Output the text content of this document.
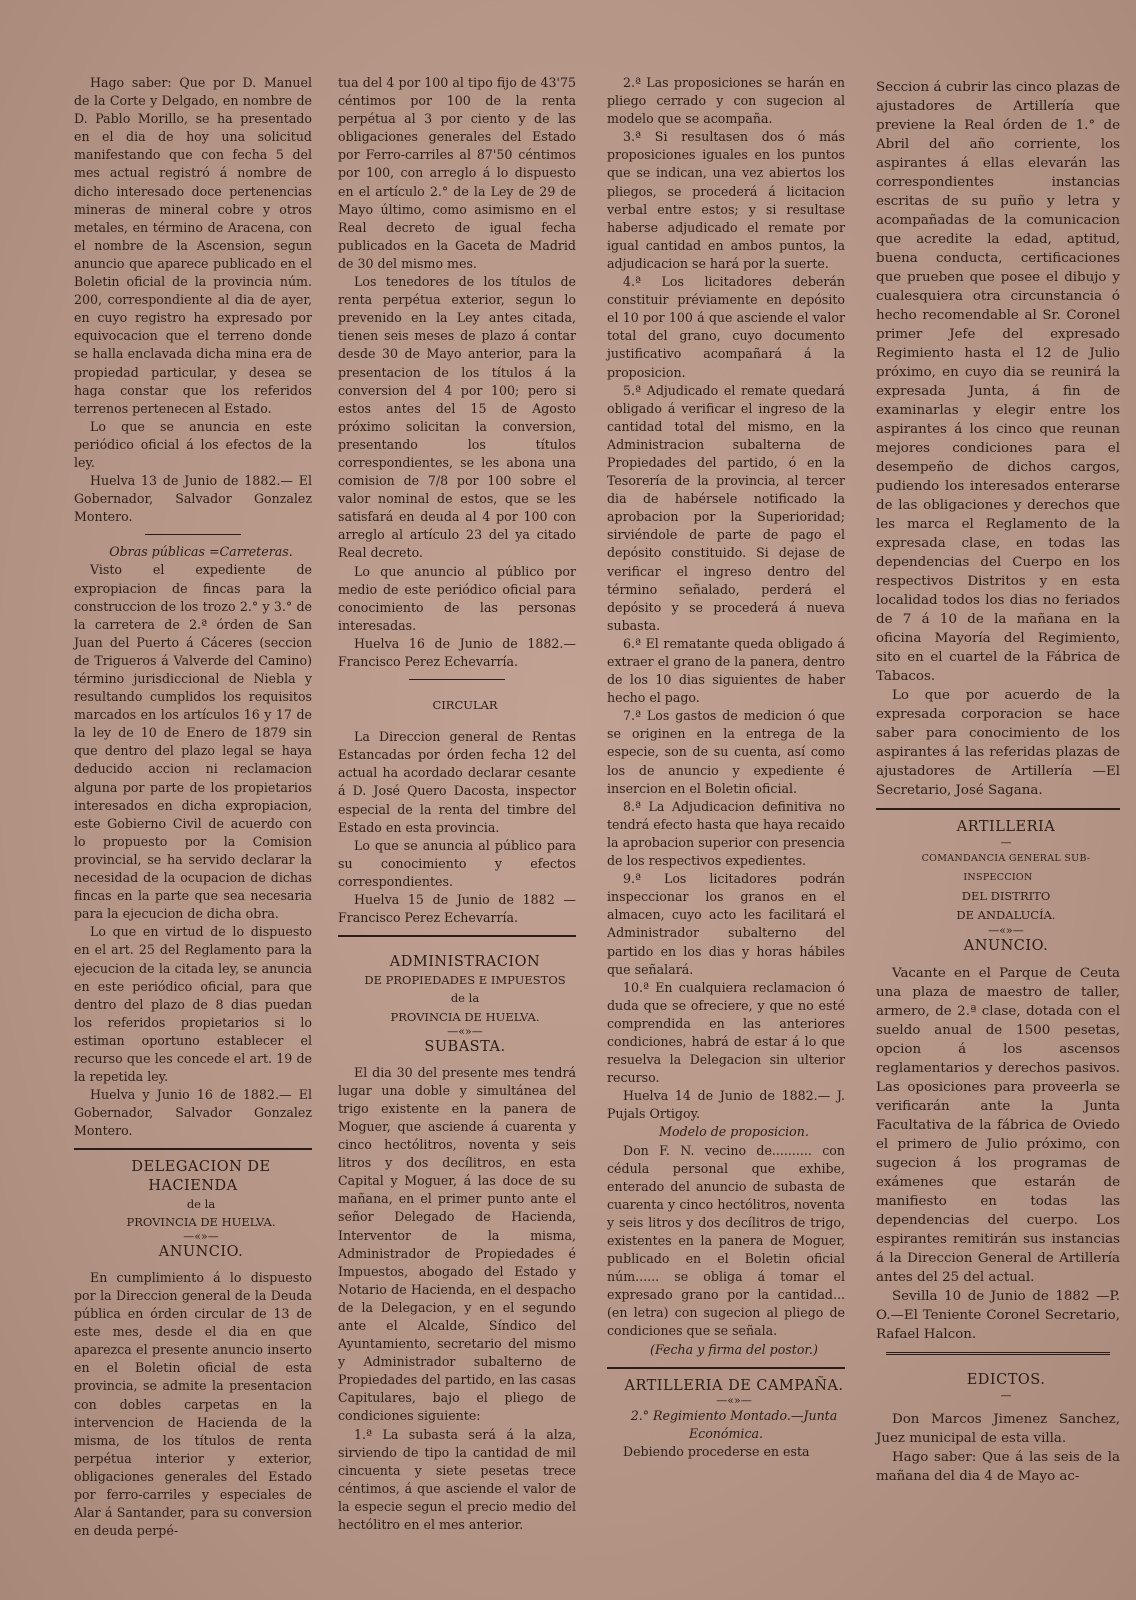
Hago saber: Que por D. Manuel de la Corte y Delgado, en nombre de D. Pablo Morillo, se ha presentado en el dia de hoy una solicitud manifestando que con fecha 5 del mes actual registró á nombre de dicho interesado doce pertenencias mineras de mineral cobre y otros metales, en término de Aracena, con el nombre de la Ascension, segun anuncio que aparece publicado en el Boletin oficial de la provincia núm. 200, correspondiente al dia de ayer, en cuyo registro ha expresado por equivocacion que el terreno donde se halla enclavada dicha mina era de propiedad particular, y desea se haga constar que los referidos terrenos pertenecen al Estado.

Lo que se anuncia en este periódico oficial á los efectos de la ley.

Huelva 13 de Junio de 1882.— El Gobernador, Salvador Gonzalez Montero.

Obras públicas =Carreteras.

Visto el expediente de expropiacion de fincas para la construccion de los trozo 2.° y 3.° de la carretera de 2.ª órden de San Juan del Puerto á Cáceres (seccion de Trigueros á Valverde del Camino) término jurisdiccional de Niebla y resultando cumplidos los requisitos marcados en los artículos 16 y 17 de la ley de 10 de Enero de 1879 sin que dentro del plazo legal se haya deducido accion ni reclamacion alguna por parte de los propietarios interesados en dicha expropiacion, este Gobierno Civil de acuerdo con lo propuesto por la Comision provincial, se ha servido declarar la necesidad de la ocupacion de dichas fincas en la parte que sea necesaria para la ejecucion de dicha obra.

Lo que en virtud de lo dispuesto en el art. 25 del Reglamento para la ejecucion de la citada ley, se anuncia en este periódico oficial, para que dentro del plazo de 8 dias puedan los referidos propietarios si lo estiman oportuno establecer el recurso que les concede el art. 19 de la repetida ley.

Huelva y Junio 16 de 1882.— El Gobernador, Salvador Gonzalez Montero.

DELEGACION DE HACIENDA

de la

PROVINCIA DE HUELVA.

—«»—

ANUNCIO.

En cumplimiento á lo dispuesto por la Direccion general de la Deuda pública en órden circular de 13 de este mes, desde el dia en que aparezca el presente anuncio inserto en el Boletin oficial de esta provincia, se admite la presentacion con dobles carpetas en la intervencion de Hacienda de la misma, de los títulos de renta perpétua interior y exterior, obligaciones generales del Estado por ferro-carriles y especiales de Alar á Santander, para su conversion en deuda perpé-

tua del 4 por 100 al tipo fijo de 43'75 céntimos por 100 de la renta perpétua al 3 por ciento y de las obligaciones generales del Estado por Ferro-carriles al 87'50 céntimos por 100, con arreglo á lo dispuesto en el artículo 2.° de la Ley de 29 de Mayo último, como asimismo en el Real decreto de igual fecha publicados en la Gaceta de Madrid de 30 del mismo mes.

Los tenedores de los títulos de renta perpétua exterior, segun lo prevenido en la Ley antes citada, tienen seis meses de plazo á contar desde 30 de Mayo anterior, para la presentacion de los títulos á la conversion del 4 por 100; pero si estos antes del 15 de Agosto próximo solicitan la conversion, presentando los títulos correspondientes, se les abona una comision de 7/8 por 100 sobre el valor nominal de estos, que se les satisfará en deuda al 4 por 100 con arreglo al artículo 23 del ya citado Real decreto.

Lo que anuncio al público por medio de este periódico oficial para conocimiento de las personas interesadas.

Huelva 16 de Junio de 1882.— Francisco Perez Echevarría.

CIRCULAR

La Direccion general de Rentas Estancadas por órden fecha 12 del actual ha acordado declarar cesante á D. José Quero Dacosta, inspector especial de la renta del timbre del Estado en esta provincia.

Lo que se anuncia al público para su conocimiento y efectos correspondientes.

Huelva 15 de Junio de 1882 — Francisco Perez Echevarría.

ADMINISTRACION

DE PROPIEDADES E IMPUESTOS

de la

PROVINCIA DE HUELVA.

—«»—

SUBASTA.

El dia 30 del presente mes tendrá lugar una doble y simultánea del trigo existente en la panera de Moguer, que asciende á cuarenta y cinco hectólitros, noventa y seis litros y dos decílitros, en esta Capital y Moguer, á las doce de su mañana, en el primer punto ante el señor Delegado de Hacienda, Interventor de la misma, Administrador de Propiedades é Impuestos, abogado del Estado y Notario de Hacienda, en el despacho de la Delegacion, y en el segundo ante el Alcalde, Síndico del Ayuntamiento, secretario del mismo y Administrador subalterno de Propiedades del partido, en las casas Capitulares, bajo el pliego de condiciones siguiente:

1.ª La subasta será á la alza, sirviendo de tipo la cantidad de mil cincuenta y siete pesetas trece céntimos, á que asciende el valor de la especie segun el precio medio del hectólitro en el mes anterior.

2.ª Las proposiciones se harán en pliego cerrado y con sugecion al modelo que se acompaña.

3.ª Si resultasen dos ó más proposiciones iguales en los puntos que se indican, una vez abiertos los pliegos, se procederá á licitacion verbal entre estos; y si resultase haberse adjudicado el remate por igual cantidad en ambos puntos, la adjudicacion se hará por la suerte.

4.ª Los licitadores deberán constituir préviamente en depósito el 10 por 100 á que asciende el valor total del grano, cuyo documento justificativo acompañará á la proposicion.

5.ª Adjudicado el remate quedará obligado á verificar el ingreso de la cantidad total del mismo, en la Administracion subalterna de Propiedades del partido, ó en la Tesorería de la provincia, al tercer dia de habérsele notificado la aprobacion por la Superioridad; sirviéndole de parte de pago el depósito constituido. Si dejase de verificar el ingreso dentro del término señalado, perderá el depósito y se procederá á nueva subasta.

6.ª El rematante queda obligado á extraer el grano de la panera, dentro de los 10 dias siguientes de haber hecho el pago.

7.ª Los gastos de medicion ó que se originen en la entrega de la especie, son de su cuenta, así como los de anuncio y expediente é insercion en el Boletin oficial.

8.ª La Adjudicacion definitiva no tendrá efecto hasta que haya recaido la aprobacion superior con presencia de los respectivos expedientes.

9.ª Los licitadores podrán inspeccionar los granos en el almacen, cuyo acto les facilitará el Administrador subalterno del partido en los dias y horas hábiles que señalará.

10.ª En cualquiera reclamacion ó duda que se ofreciere, y que no esté comprendida en las anteriores condiciones, habrá de estar á lo que resuelva la Delegacion sin ulterior recurso.

Huelva 14 de Junio de 1882.— J. Pujals Ortigoy.

Modelo de proposicion.

Don F. N. vecino de.......... con cédula personal que exhibe, enterado del anuncio de subasta de cuarenta y cinco hectólitros, noventa y seis litros y dos decílitros de trigo, existentes en la panera de Moguer, publicado en el Boletin oficial núm...... se obliga á tomar el expresado grano por la cantidad... (en letra) con sugecion al pliego de condiciones que se señala.

(Fecha y firma del postor.)

ARTILLERIA DE CAMPAÑA.

—«»—

2.° Regimiento Montado.—Junta Económica.

Debiendo procederse en esta

Seccion á cubrir las cinco plazas de ajustadores de Artillería que previene la Real órden de 1.° de Abril del año corriente, los aspirantes á ellas elevarán las correspondientes instancias escritas de su puño y letra y acompañadas de la comunicacion que acredite la edad, aptitud, buena conducta, certificaciones que prueben que posee el dibujo y cualesquiera otra circunstancia ó hecho recomendable al Sr. Coronel primer Jefe del expresado Regimiento hasta el 12 de Julio próximo, en cuyo dia se reunirá la expresada Junta, á fin de examinarlas y elegir entre los aspirantes á los cinco que reunan mejores condiciones para el desempeño de dichos cargos, pudiendo los interesados enterarse de las obligaciones y derechos que les marca el Reglamento de la expresada clase, en todas las dependencias del Cuerpo en los respectivos Distritos y en esta localidad todos los dias no feriados de 7 á 10 de la mañana en la oficina Mayoría del Regimiento, sito en el cuartel de la Fábrica de Tabacos.

Lo que por acuerdo de la expresada corporacion se hace saber para conocimiento de los aspirantes á las referidas plazas de ajustadores de Artillería —El Secretario, José Sagana.

ARTILLERIA

—

COMANDANCIA GENERAL SUB-INSPECCION

DEL DISTRITO

DE ANDALUCÍA.

—«»—

ANUNCIO.

Vacante en el Parque de Ceuta una plaza de maestro de taller, armero, de 2.ª clase, dotada con el sueldo anual de 1500 pesetas, opcion á los ascensos reglamentarios y derechos pasivos. Las oposiciones para proveerla se verificarán ante la Junta Facultativa de la fábrica de Oviedo el primero de Julio próximo, con sugecion á los programas de exámenes que estarán de manifiesto en todas las dependencias del cuerpo. Los espirantes remitirán sus instancias á la Direccion General de Artillería antes del 25 del actual.

Sevilla 10 de Junio de 1882 —P. O.—El Teniente Coronel Secretario, Rafael Halcon.

EDICTOS.

—

Don Marcos Jimenez Sanchez, Juez municipal de esta villa.

Hago saber: Que á las seis de la mañana del dia 4 de Mayo ac-
